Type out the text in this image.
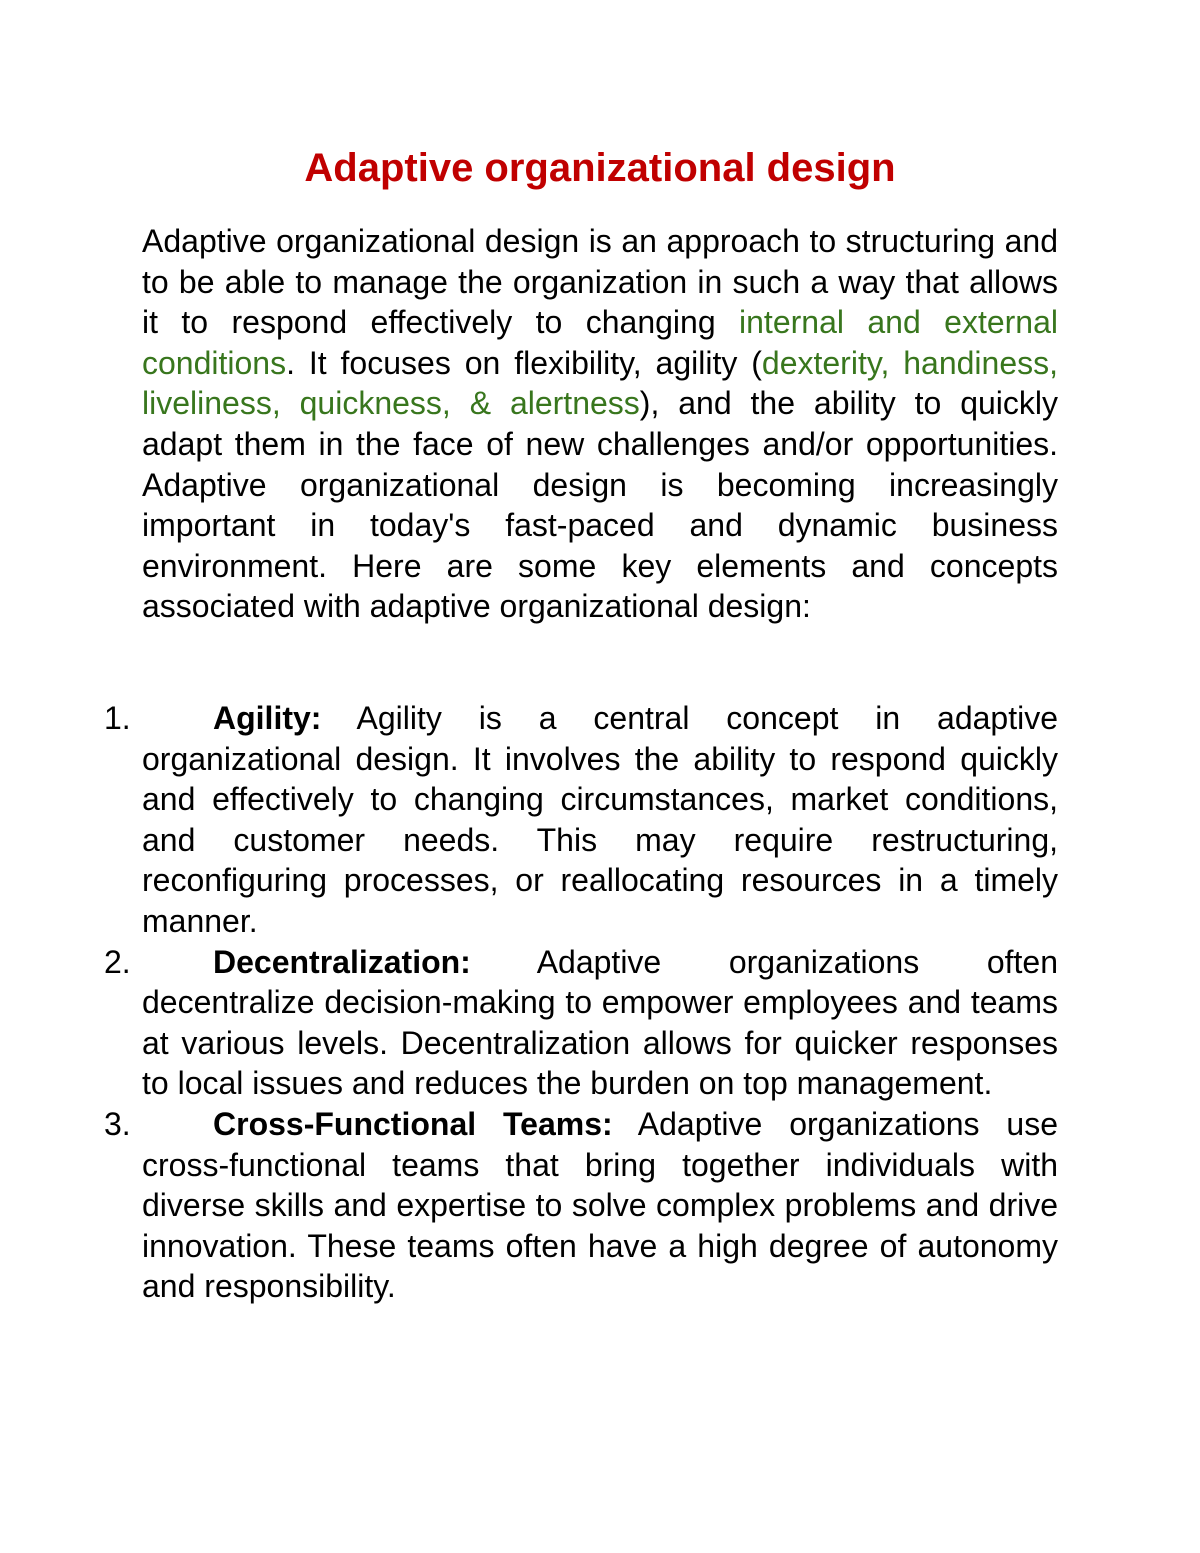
Adaptive organizational design

Adaptive organizational design is an approach to structuring and to be able to manage the organization in such a way that allows it to respond effectively to changing internal and external conditions. It focuses on flexibility, agility (dexterity, handiness, liveliness, quickness, & alertness), and the ability to quickly adapt them in the face of new challenges and/or opportunities. Adaptive organizational design is becoming increasingly important in today's fast-paced and dynamic business environment. Here are some key elements and concepts associated with adaptive organizational design:

1.	Agility: Agility is a central concept in adaptive organizational design. It involves the ability to respond quickly and effectively to changing circumstances, market conditions, and customer needs. This may require restructuring, reconfiguring processes, or reallocating resources in a timely manner.
2.	Decentralization: Adaptive organizations often decentralize decision-making to empower employees and teams at various levels. Decentralization allows for quicker responses to local issues and reduces the burden on top management.
3.	Cross-Functional Teams: Adaptive organizations use cross-functional teams that bring together individuals with diverse skills and expertise to solve complex problems and drive innovation. These teams often have a high degree of autonomy and responsibility.
